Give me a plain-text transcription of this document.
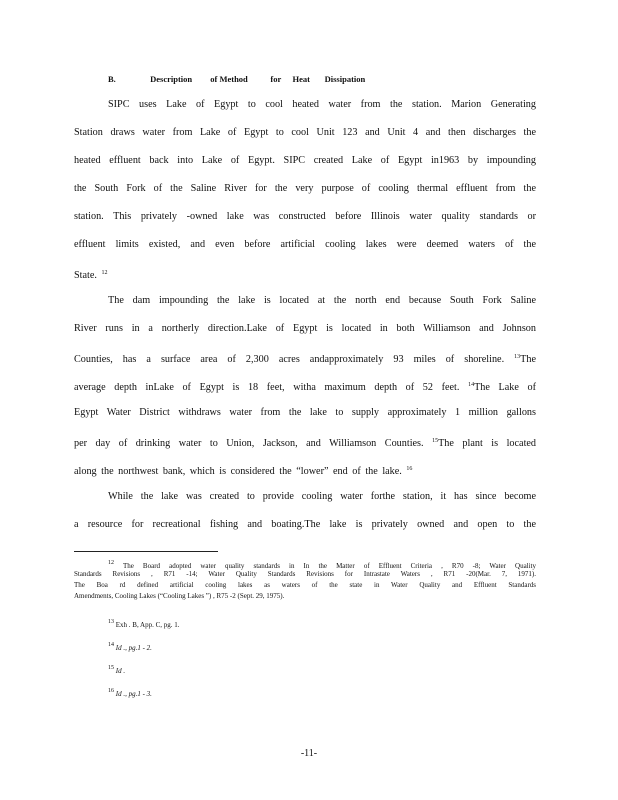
B.	Description of Method	for Heat Dissipation
SIPC uses Lake of Egypt to cool heated water from the station. Marion Generating
Station draws water from Lake of Egypt to cool Unit 123 and Unit 4 and then discharges the
heated effluent back into Lake of Egypt. SIPC created Lake of Egypt in1963 by impounding
the South Fork of the Saline River for the very purpose of cooling thermal effluent from the
station. This privately -owned lake was constructed before Illinois water quality standards or
effluent limits existed, and even before artificial cooling lakes were deemed waters of the
State. $^{12}$
The dam impounding the lake is located at the north end because South Fork Saline
River runs in a northerly direction.Lake of Egypt is located in both Williamson and Johnson
Counties, has a surface area of 2,300 acres andapproximately 93 miles of shoreline. $^{13}$The
average depth inLake of Egypt is 18 feet, witha maximum depth of 52 feet. $^{14}$The Lake of
Egypt Water District withdraws water from the lake to supply approximately 1 million gallons
per day of drinking water to Union, Jackson, and Williamson Counties. $^{15}$The plant is located
along the northwest bank, which is considered the “lower” end of the lake. $^{16}$
While the lake was created to provide cooling water forthe station, it has since become
a resource for recreational fishing and boating.The lake is privately owned and open to the
$^{12}$ The Board adopted water quality standards in In the Matter of Effluent Criteria , R70 -8; Water Quality
Standards Revisions , R71 -14; Water Quality Standards Revisions for Intrastate Waters , R71 -20(Mar. 7, 1971).
The Boa rd defined artificial cooling lakes as waters of the state in Water Quality and Effluent Standards
Amendments, Cooling Lakes (“Cooling Lakes ”) , R75 -2 (Sept. 29, 1975).
$^{13}$ Exh . B, App. C, pg. 1.
$^{14}$ Id ., pg.1 - 2.
$^{15}$ Id .
$^{16}$ Id ., pg.1 - 3.
-11-
